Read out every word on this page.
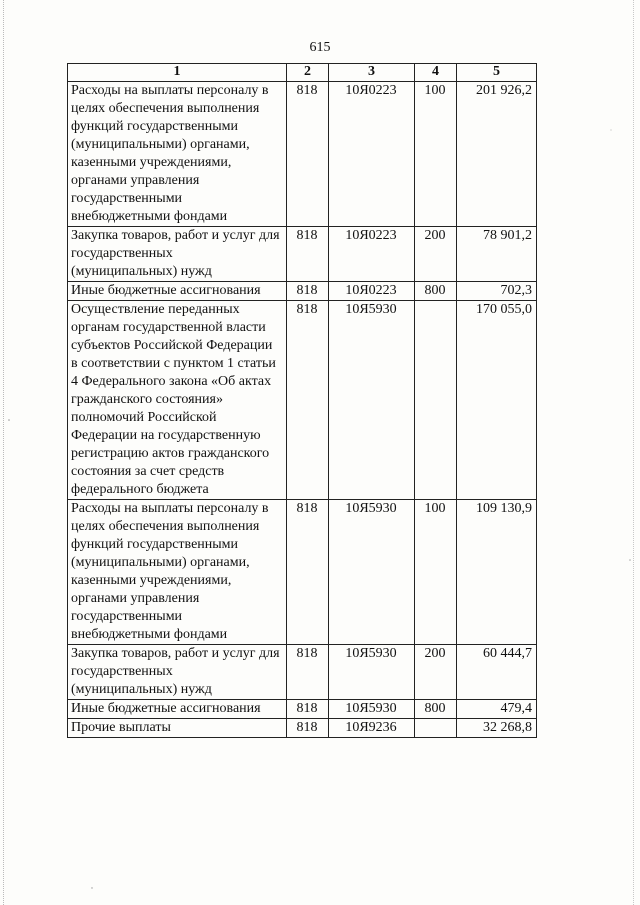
615
1	2	3	4	5
Расходы на выплаты персоналу в целях обеспечения выполнения функций государственными (муниципальными) органами, казенными учреждениями, органами управления государственными внебюджетными фондами	818	10Я0223	100	201 926,2
Закупка товаров, работ и услуг для государственных (муниципальных) нужд	818	10Я0223	200	78 901,2
Иные бюджетные ассигнования	818	10Я0223	800	702,3
Осуществление переданных органам государственной власти субъектов Российской Федерации в соответствии с пунктом 1 статьи 4 Федерального закона «Об актах гражданского состояния» полномочий Российской Федерации на государственную регистрацию актов гражданского состояния за счет средств федерального бюджета	818	10Я5930		170 055,0
Расходы на выплаты персоналу в целях обеспечения выполнения функций государственными (муниципальными) органами, казенными учреждениями, органами управления государственными внебюджетными фондами	818	10Я5930	100	109 130,9
Закупка товаров, работ и услуг для государственных (муниципальных) нужд	818	10Я5930	200	60 444,7
Иные бюджетные ассигнования	818	10Я5930	800	479,4
Прочие выплаты	818	10Я9236		32 268,8
